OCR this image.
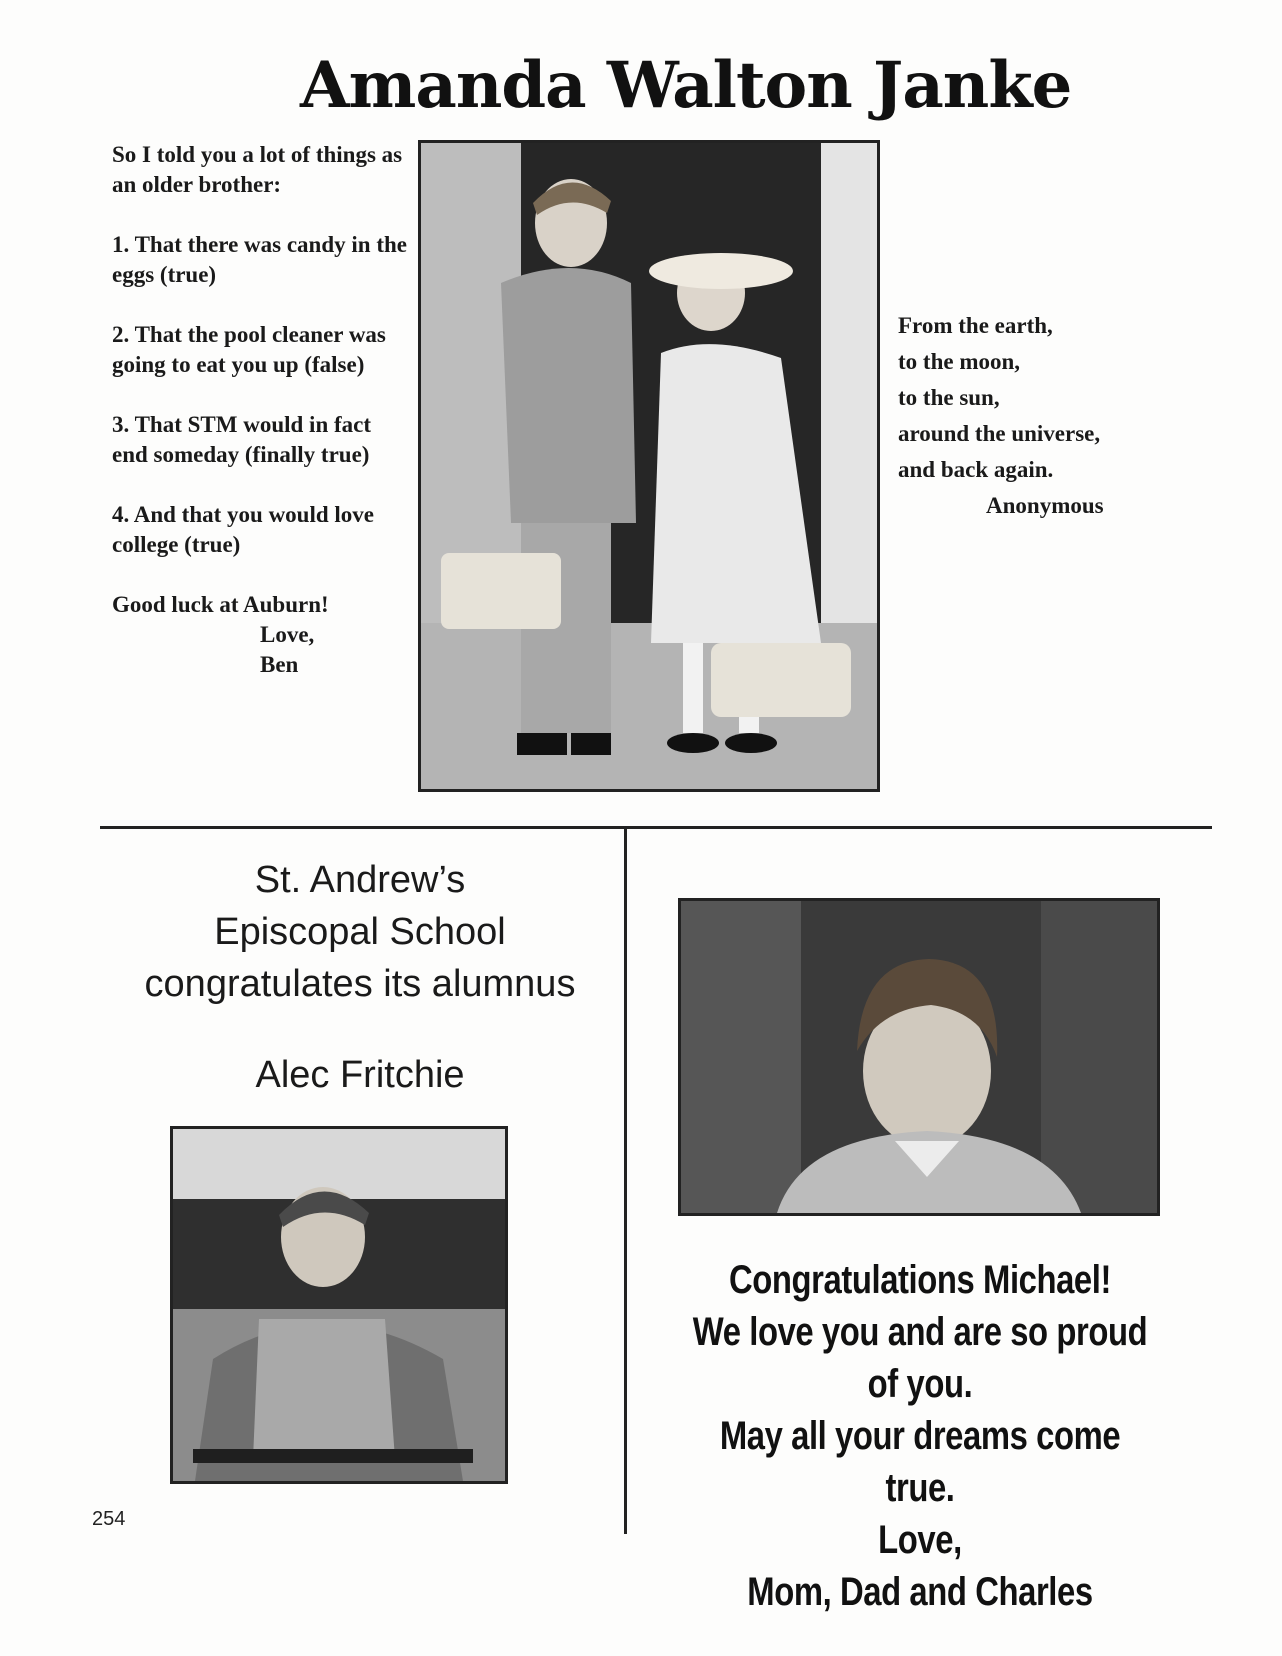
Amanda Walton Janke
So I told you a lot of things as an older brother:
1. That there was candy in the eggs (true)
2. That the pool cleaner was going to eat you up (false)
3. That STM would in fact end someday (finally true)
4. And that you would love college (true)
Good luck at Auburn!
Love,
Ben
From the earth,
to the moon,
to the sun,
around the universe,
and back again.
Anonymous
St. Andrew’s
Episcopal School
congratulates its alumnus
Alec Fritchie
254
Congratulations Michael!
We love you and are so proud
of you.
May all your dreams come true.
Love,
Mom, Dad and Charles
